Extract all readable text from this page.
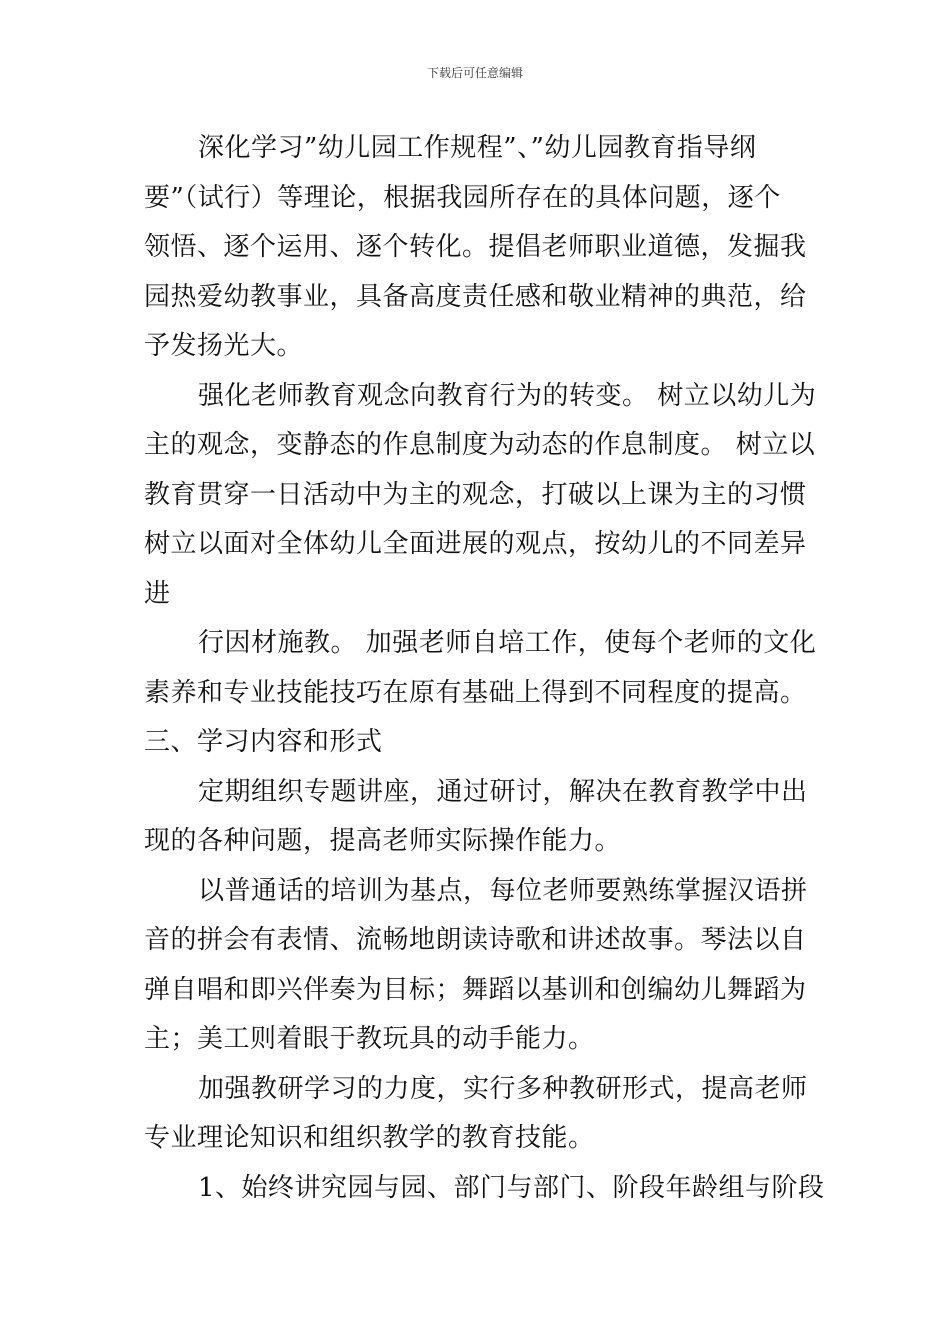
下载后可任意编辑
深化学习”幼儿园工作规程”、”幼儿园教育指导纲
要”（试行）等理论，根据我园所存在的具体问题，逐个
领悟、逐个运用、逐个转化。提倡老师职业道德，发掘我
园热爱幼教事业，具备高度责任感和敬业精神的典范，给
予发扬光大。
强化老师教育观念向教育行为的转变。 树立以幼儿为
主的观念，变静态的作息制度为动态的作息制度。 树立以
教育贯穿一日活动中为主的观念，打破以上课为主的习惯
树立以面对全体幼儿全面进展的观点，按幼儿的不同差异
进
行因材施教。 加强老师自培工作，使每个老师的文化
素养和专业技能技巧在原有基础上得到不同程度的提高。
三、学习内容和形式
定期组织专题讲座，通过研讨，解决在教育教学中出
现的各种问题，提高老师实际操作能力。
以普通话的培训为基点，每位老师要熟练掌握汉语拼
音的拼会有表情、流畅地朗读诗歌和讲述故事。琴法以自
弹自唱和即兴伴奏为目标；舞蹈以基训和创编幼儿舞蹈为
主；美工则着眼于教玩具的动手能力。
加强教研学习的力度，实行多种教研形式，提高老师
专业理论知识和组织教学的教育技能。
1、始终讲究园与园、部门与部门、阶段年龄组与阶段
